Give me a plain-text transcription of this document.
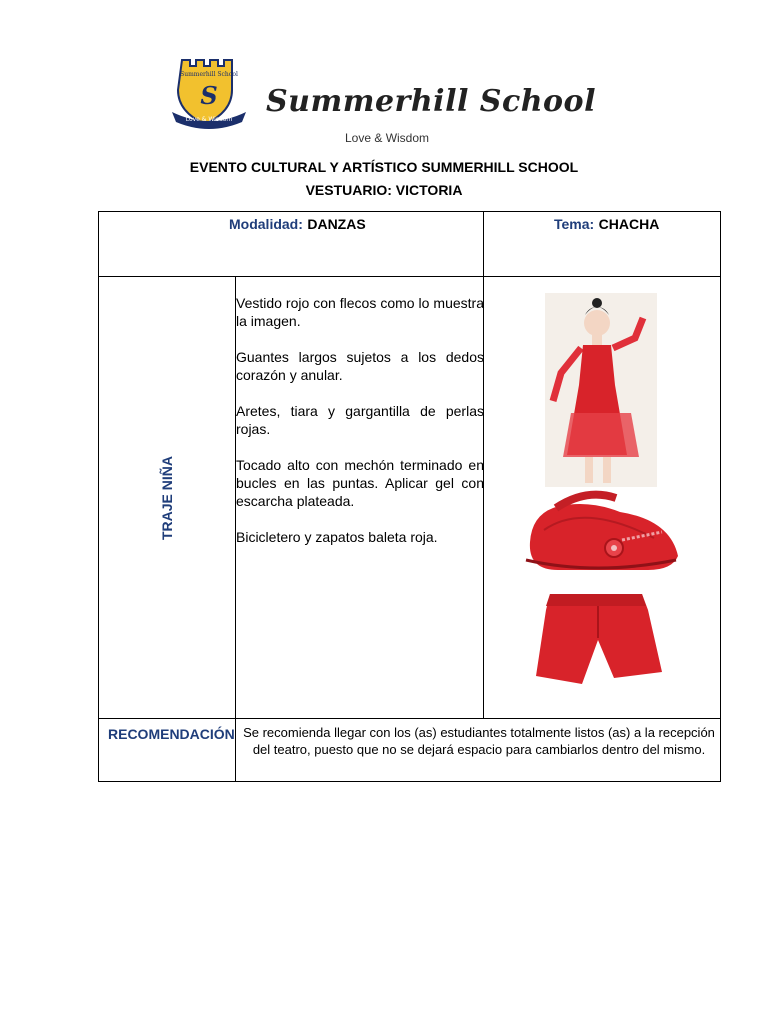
Summerhill School
S
Love & Wisdom
Summerhill School
Love & Wisdom
EVENTO CULTURAL Y ARTÍSTICO SUMMERHILL SCHOOL
VESTUARIO: VICTORIA
Modalidad: DANZAS	Tema: CHACHA
TRAJE NIÑA

Vestido rojo con flecos como lo muestra la imagen.

Guantes largos sujetos a los dedos corazón y anular.

Aretes, tiara y gargantilla de perlas rojas.

Tocado alto con mechón terminado en bucles en las puntas. Aplicar gel con escarcha plateada.

Bicicletero y zapatos baleta roja.

RECOMENDACIÓN Se recomienda llegar con los (as) estudiantes totalmente listos (as) a la recepción del teatro, puesto que no se dejará espacio para cambiarlos dentro del mismo.
